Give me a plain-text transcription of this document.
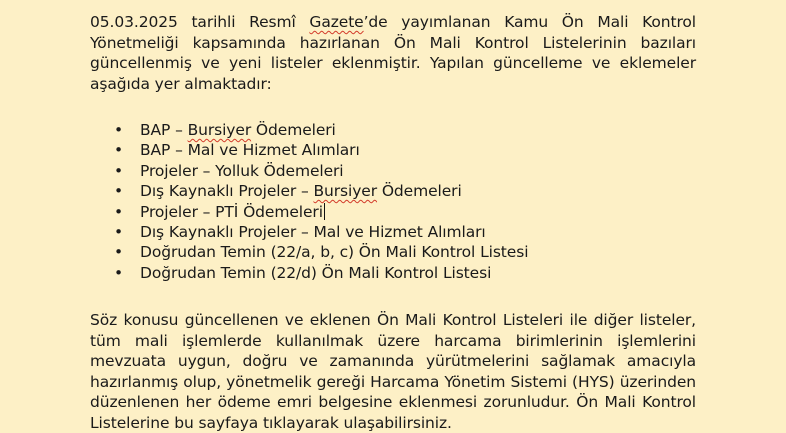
05.03.2025 tarihli Resmî Gazete’de yayımlanan Kamu Ön Mali Kontrol Yönetmeliği kapsamında hazırlanan Ön Mali Kontrol Listelerinin bazıları güncellenmiş ve yeni listeler eklenmiştir. Yapılan güncelleme ve eklemeler aşağıda yer almaktadır:

• BAP – Bursiyer Ödemeleri
• BAP – Mal ve Hizmet Alımları
• Projeler – Yolluk Ödemeleri
• Dış Kaynaklı Projeler – Bursiyer Ödemeleri
• Projeler – PTİ Ödemeleri
• Dış Kaynaklı Projeler – Mal ve Hizmet Alımları
• Doğrudan Temin (22/a, b, c) Ön Mali Kontrol Listesi
• Doğrudan Temin (22/d) Ön Mali Kontrol Listesi

Söz konusu güncellenen ve eklenen Ön Mali Kontrol Listeleri ile diğer listeler, tüm mali işlemlerde kullanılmak üzere harcama birimlerinin işlemlerini mevzuata uygun, doğru ve zamanında yürütmelerini sağlamak amacıyla hazırlanmış olup, yönetmelik gereği Harcama Yönetim Sistemi (HYS) üzerinden düzenlenen her ödeme emri belgesine eklenmesi zorunludur. Ön Mali Kontrol Listelerine bu sayfaya tıklayarak ulaşabilirsiniz.
